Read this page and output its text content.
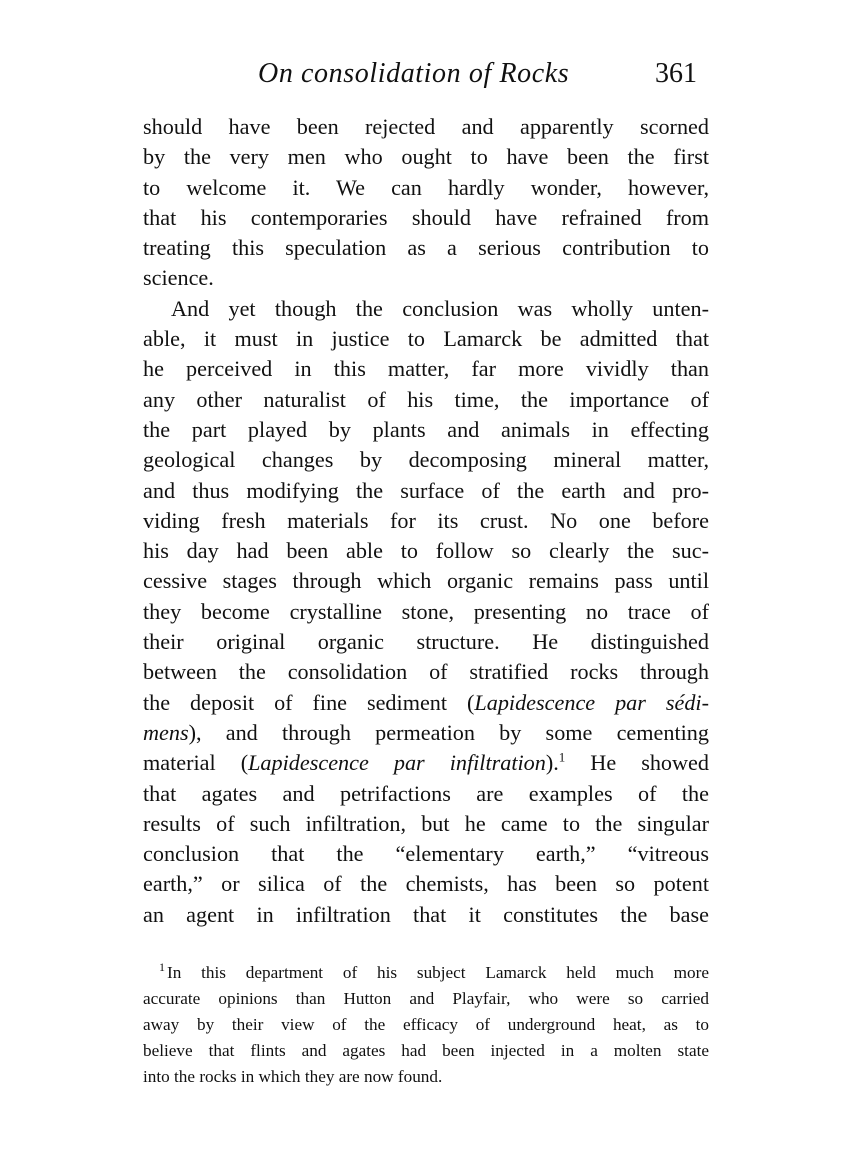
On consolidation of Rocks	361
should have been rejected and apparently scorned
by the very men who ought to have been the first
to welcome it. We can hardly wonder, however,
that his contemporaries should have refrained from
treating this speculation as a serious contribution to
science.
And yet though the conclusion was wholly unten-
able, it must in justice to Lamarck be admitted that
he perceived in this matter, far more vividly than
any other naturalist of his time, the importance of
the part played by plants and animals in effecting
geological changes by decomposing mineral matter,
and thus modifying the surface of the earth and pro-
viding fresh materials for its crust. No one before
his day had been able to follow so clearly the suc-
cessive stages through which organic remains pass until
they become crystalline stone, presenting no trace of
their original organic structure. He distinguished
between the consolidation of stratified rocks through
the deposit of fine sediment (Lapidescence par sédi-
mens), and through permeation by some cementing
material (Lapidescence par infiltration).$^1$ He showed
that agates and petrifactions are examples of the
results of such infiltration, but he came to the singular
conclusion that the “elementary earth,” “vitreous
earth,” or silica of the chemists, has been so potent
an agent in infiltration that it constitutes the base
$^1$ In this department of his subject Lamarck held much more
accurate opinions than Hutton and Playfair, who were so carried
away by their view of the efficacy of underground heat, as to
believe that flints and agates had been injected in a molten state
into the rocks in which they are now found.
